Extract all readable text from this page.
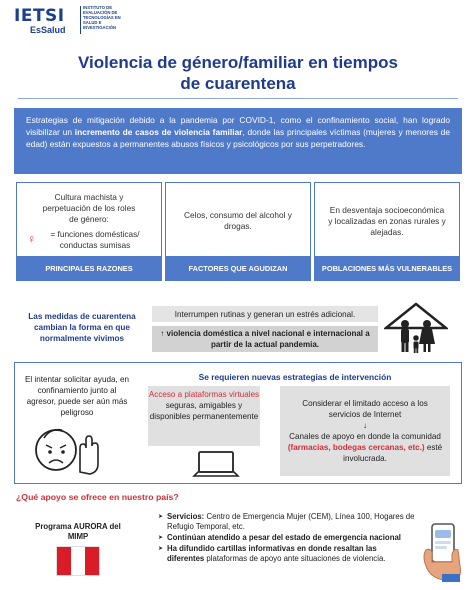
IETSI
EsSalud
INSTITUTO DE EVALUACIÓN DE TECNOLOGÍAS EN SALUD E INVESTIGACIÓN
Violencia de género/familiar en tiempos
de cuarentena
Estrategias de mitigación debido a la pandemia por COVID-1, como el confinamiento social, han logrado visibilizar un incremento de casos de violencia familiar, donde las principales víctimas (mujeres y menores de edad) están expuestos a permanentes abusos físicos y psicológicos por sus perpetradores.
Cultura machista y perpetuación de los roles de género:
♀	= funciones domésticas/ conductas sumisas
PRINCIPALES RAZONES
Celos, consumo del alcohol y drogas.
FACTORES QUE AGUDIZAN
En desventaja socioeconómica y localizadas en zonas rurales y alejadas.
POBLACIONES MÁS VULNERABLES
Las medidas de cuarentena cambian la forma en que normalmente vivimos
Interrumpen rutinas y generan un estrés adicional.
↑ violencia doméstica a nivel nacional e internacional a partir de la actual pandemia.
El intentar solicitar ayuda, en confinamiento junto al agresor, puede ser aún más peligroso
Se requieren nuevas estrategias de intervención
Acceso a plataformas virtuales seguras, amigables y disponibles permanentemente
Considerar el limitado acceso a los servicios de Internet
↓
Canales de apoyo en donde la comunidad (farmacias, bodegas cercanas, etc.) esté involucrada.
¿Qué apoyo se ofrece en nuestro país?
Programa AURORA del MIMP
➤ Servicios: Centro de Emergencia Mujer (CEM), Línea 100, Hogares de Refugio Temporal, etc.
➤ Continúan atendido a pesar del estado de emergencia nacional
➤ Ha difundido cartillas informativas en donde resaltan las diferentes plataformas de apoyo ante situaciones de violencia.
